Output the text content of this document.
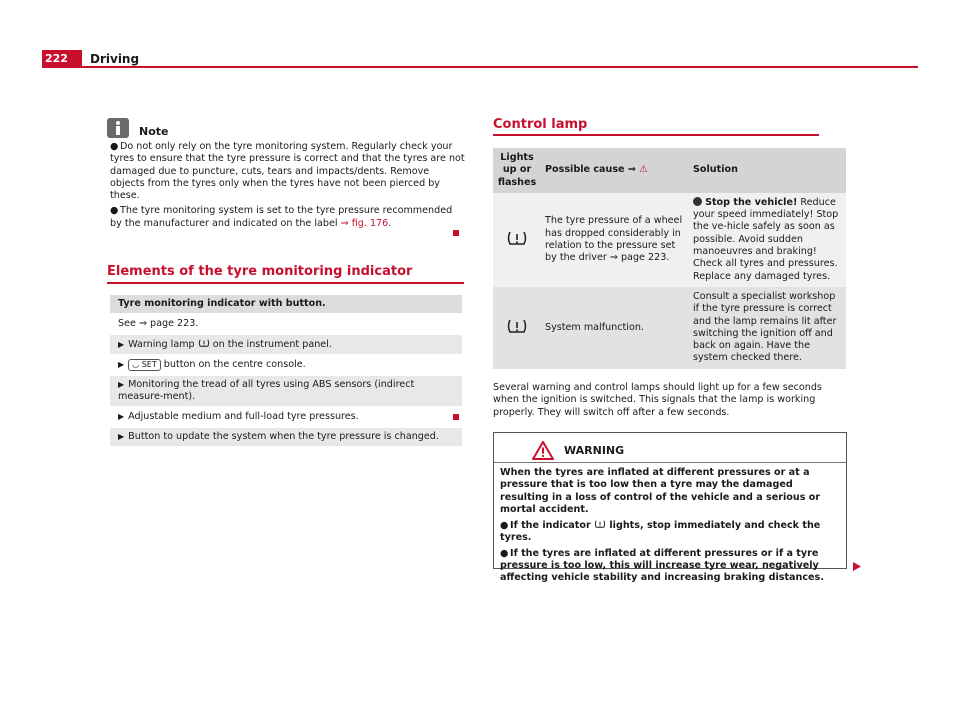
222	Driving
Note

● Do not only rely on the tyre monitoring system. Regularly check your tyres to ensure that the tyre pressure is correct and that the tyres are not damaged due to puncture, cuts, tears and impacts/dents. Remove objects from the tyres only when the tyres have not been pierced by these.

● The tyre monitoring system is set to the tyre pressure recommended by the manufacturer and indicated on the label ⇒ fig. 176.

Elements of the tyre monitoring indicator
Tyre monitoring indicator with button.
See ⇒ page 223.
▶ Warning lamp on the instrument panel.
▶ ◡ SET button on the centre console.
▶ Monitoring the tread of all tyres using ABS sensors (indirect measure-ment).
▶ Adjustable medium and full-load tyre pressures.
▶ Button to update the system when the tyre pressure is changed.
Control lamp
Lights up or flashes	Possible cause ⇒ ⚠	Solution
	The tyre pressure of a wheel has dropped considerably in relation to the pressure set by the driver ⇒ page 223.	Stop the vehicle! Reduce your speed immediately! Stop the ve-hicle safely as soon as possible. Avoid sudden manoeuvres and braking! Check all tyres and pressures. Replace any damaged tyres.
	System malfunction.	Consult a specialist workshop if the tyre pressure is correct and the lamp remains lit after switching the ignition off and back on again. Have the system checked there.
Several warning and control lamps should light up for a few seconds when the ignition is switched. This signals that the lamp is working properly. They will switch off after a few seconds.
WARNING

When the tyres are inflated at different pressures or at a pressure that is too low then a tyre may the damaged resulting in a loss of control of the vehicle and a serious or mortal accident.

● If the indicator lights, stop immediately and check the tyres.

● If the tyres are inflated at different pressures or if a tyre pressure is too low, this will increase tyre wear, negatively affecting vehicle stability and increasing braking distances.
